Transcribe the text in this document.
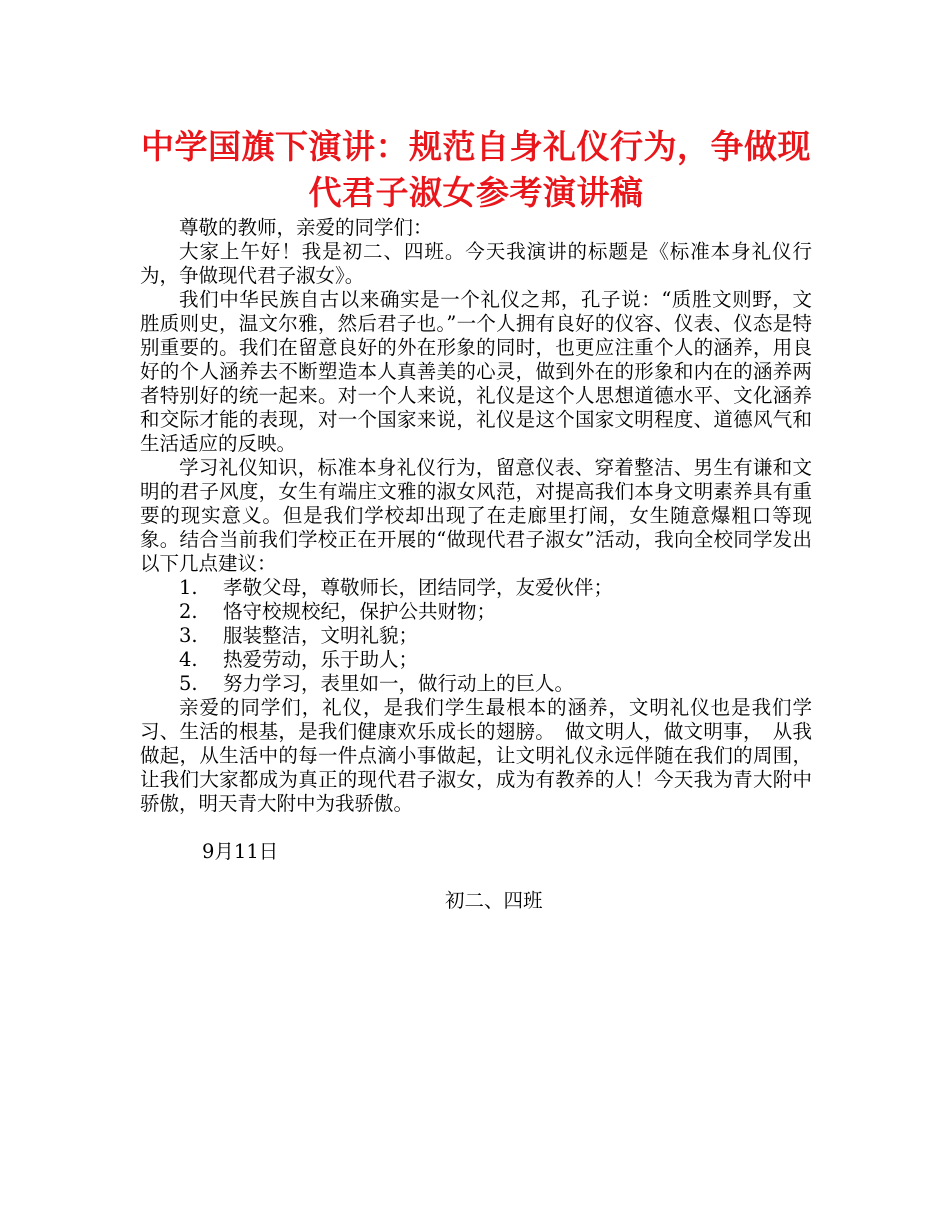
中学国旗下演讲：规范自身礼仪行为，争做现代君子淑女参考演讲稿

尊敬的教师，亲爱的同学们：

大家上午好！我是初二、四班。今天我演讲的标题是《标准本身礼仪行为，争做现代君子淑女》。

我们中华民族自古以来确实是一个礼仪之邦，孔子说：“质胜文则野，文胜质则史，温文尔雅，然后君子也。”一个人拥有良好的仪容、仪表、仪态是特别重要的。我们在留意良好的外在形象的同时，也更应注重个人的涵养，用良好的个人涵养去不断塑造本人真善美的心灵，做到外在的形象和内在的涵养两者特别好的统一起来。对一个人来说，礼仪是这个人思想道德水平、文化涵养和交际才能的表现，对一个国家来说，礼仪是这个国家文明程度、道德风气和生活适应的反映。

学习礼仪知识，标准本身礼仪行为，留意仪表、穿着整洁、男生有谦和文明的君子风度，女生有端庄文雅的淑女风范，对提高我们本身文明素养具有重要的现实意义。但是我们学校却出现了在走廊里打闹，女生随意爆粗口等现象。结合当前我们学校正在开展的“做现代君子淑女”活动，我向全校同学发出以下几点建议：

1.	孝敬父母，尊敬师长，团结同学，友爱伙伴；
2.	恪守校规校纪，保护公共财物；
3.	服装整洁，文明礼貌；
4.	热爱劳动，乐于助人；
5.	努力学习，表里如一，做行动上的巨人。

亲爱的同学们，礼仪，是我们学生最根本的涵养，文明礼仪也是我们学习、生活的根基，是我们健康欢乐成长的翅膀。　做文明人，做文明事，　从我做起，从生活中的每一件点滴小事做起，让文明礼仪永远伴随在我们的周围，让我们大家都成为真正的现代君子淑女，成为有教养的人！今天我为青大附中骄傲，明天青大附中为我骄傲。

9月11日
初二、四班
